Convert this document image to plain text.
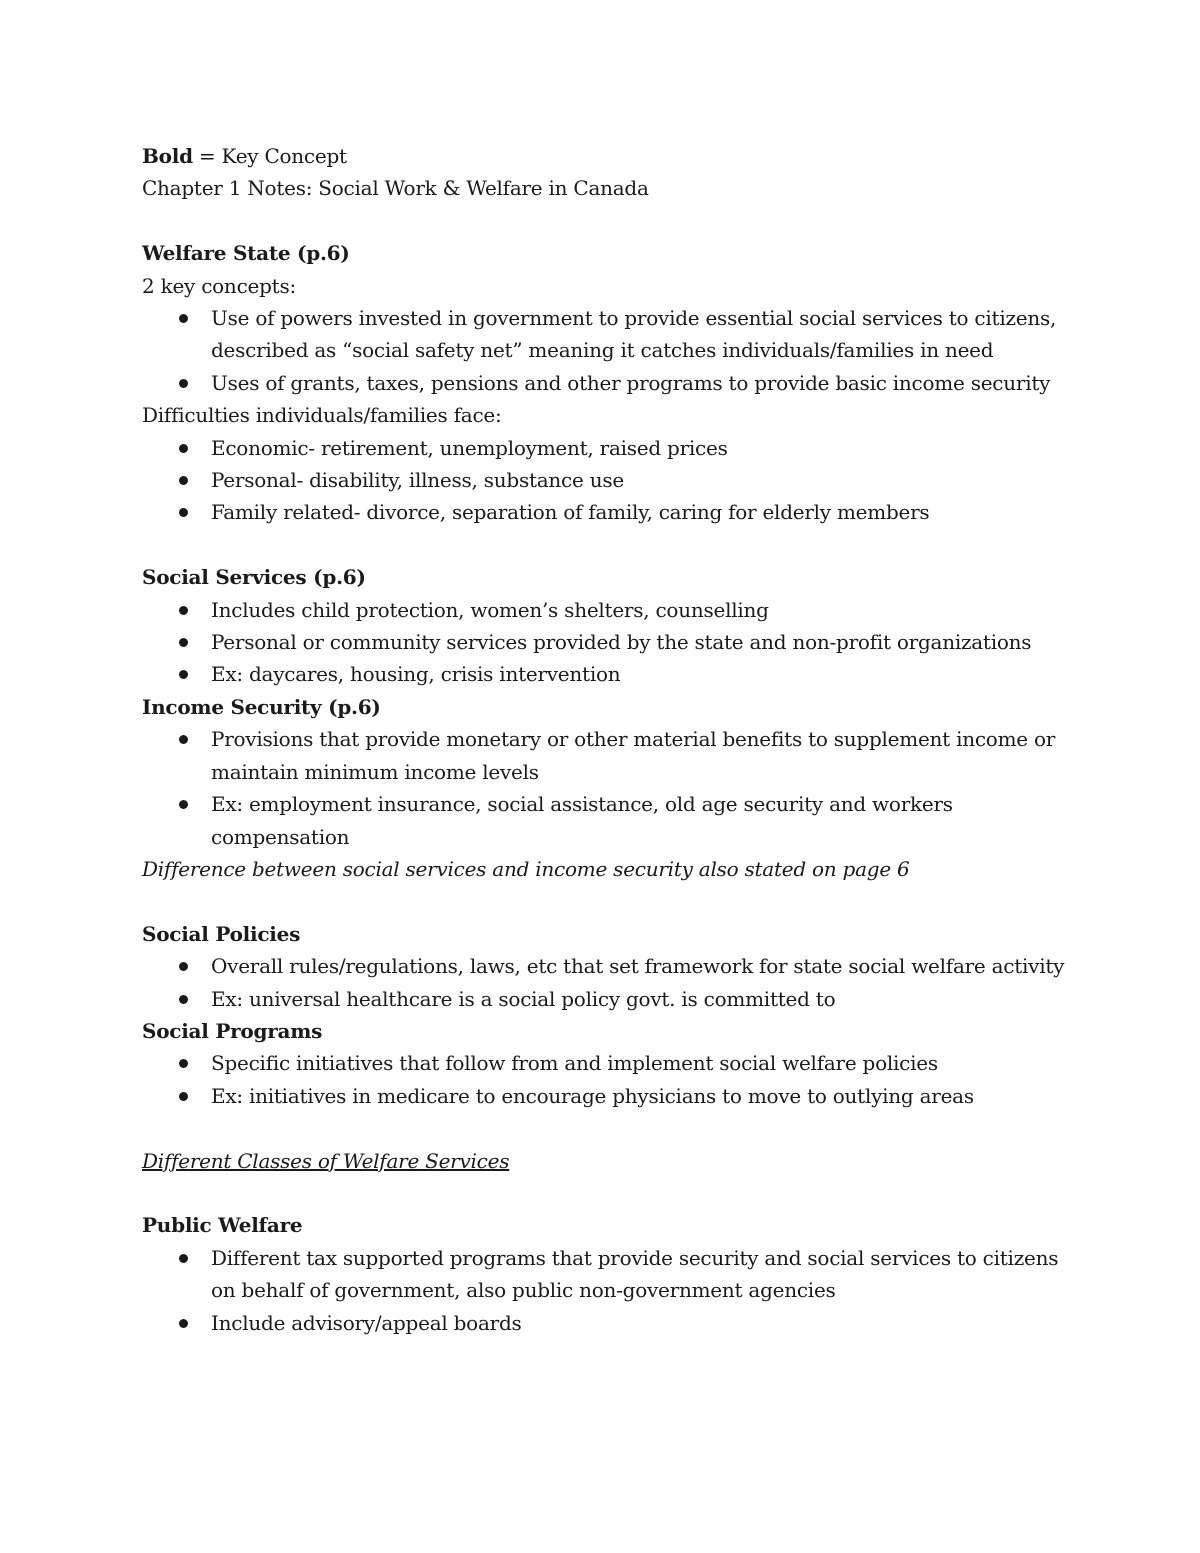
Bold = Key Concept

Chapter 1 Notes: Social Work & Welfare in Canada

Welfare State (p.6)

2 key concepts:

Use of powers invested in government to provide essential social services to citizens, described as “social safety net” meaning it catches individuals/families in need
Uses of grants, taxes, pensions and other programs to provide basic income security

Difficulties individuals/families face:

Economic- retirement, unemployment, raised prices
Personal- disability, illness, substance use
Family related- divorce, separation of family, caring for elderly members

Social Services (p.6)

Includes child protection, women’s shelters, counselling
Personal or community services provided by the state and non-profit organizations
Ex: daycares, housing, crisis intervention

Income Security (p.6)

Provisions that provide monetary or other material benefits to supplement income or maintain minimum income levels
Ex: employment insurance, social assistance, old age security and workers compensation

Difference between social services and income security also stated on page 6

Social Policies

Overall rules/regulations, laws, etc that set framework for state social welfare activity
Ex: universal healthcare is a social policy govt. is committed to

Social Programs

Specific initiatives that follow from and implement social welfare policies
Ex: initiatives in medicare to encourage physicians to move to outlying areas

Different Classes of Welfare Services

Public Welfare

Different tax supported programs that provide security and social services to citizens on behalf of government, also public non-government agencies
Include advisory/appeal boards
